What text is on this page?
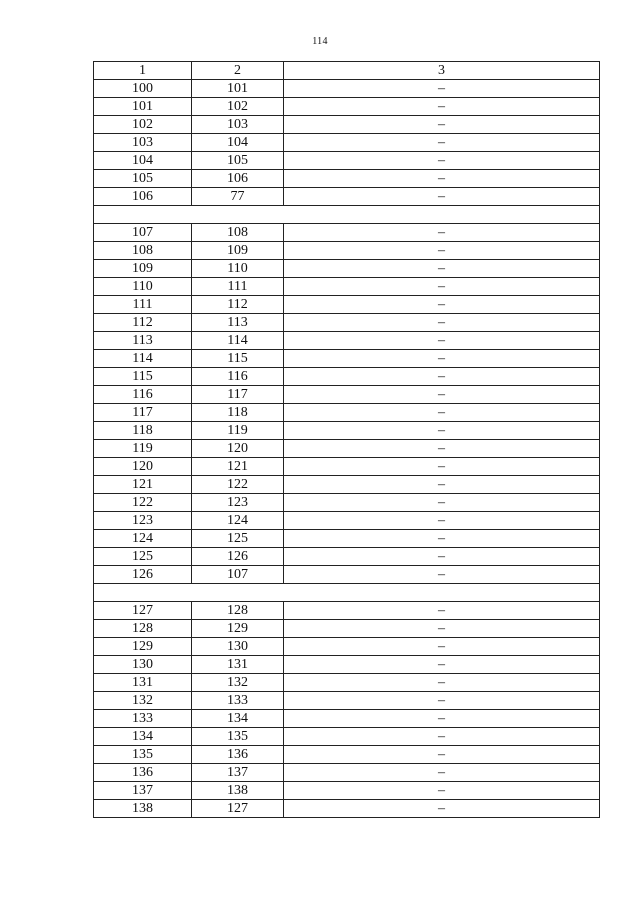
114
1	2	3
100	101	–
101	102	–
102	103	–
103	104	–
104	105	–
105	106	–
106	77	–

107	108	–
108	109	–
109	110	–
110	111	–
111	112	–
112	113	–
113	114	–
114	115	–
115	116	–
116	117	–
117	118	–
118	119	–
119	120	–
120	121	–
121	122	–
122	123	–
123	124	–
124	125	–
125	126	–
126	107	–

127	128	–
128	129	–
129	130	–
130	131	–
131	132	–
132	133	–
133	134	–
134	135	–
135	136	–
136	137	–
137	138	–
138	127	–
